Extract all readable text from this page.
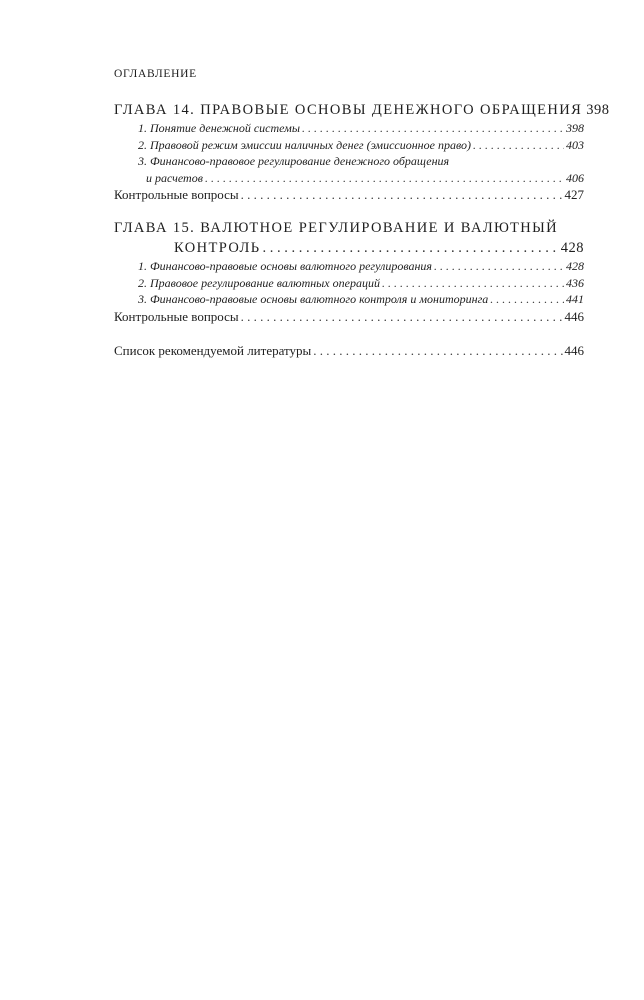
ОГЛАВЛЕНИЕ
ГЛАВА 14. ПРАВОВЫЕ ОСНОВЫ ДЕНЕЖНОГО ОБРАЩЕНИЯ 398
1. Понятие денежной системы . . .	398
2. Правовой режим эмиссии наличных денег (эмиссионное право) . . .	403
3. Финансово-правовое регулирование денежного обращения
и расчетов . . .	406
Контрольные вопросы . . .	427
ГЛАВА 15. ВАЛЮТНОЕ РЕГУЛИРОВАНИЕ И ВАЛЮТНЫЙ
КОНТРОЛЬ . . .	428
1. Финансово-правовые основы валютного регулирования . . .	428
2. Правовое регулирование валютных операций . . .	436
3. Финансово-правовые основы валютного контроля и мониторинга . . .	441
Контрольные вопросы . . .	446
Список рекомендуемой литературы . . .	446
